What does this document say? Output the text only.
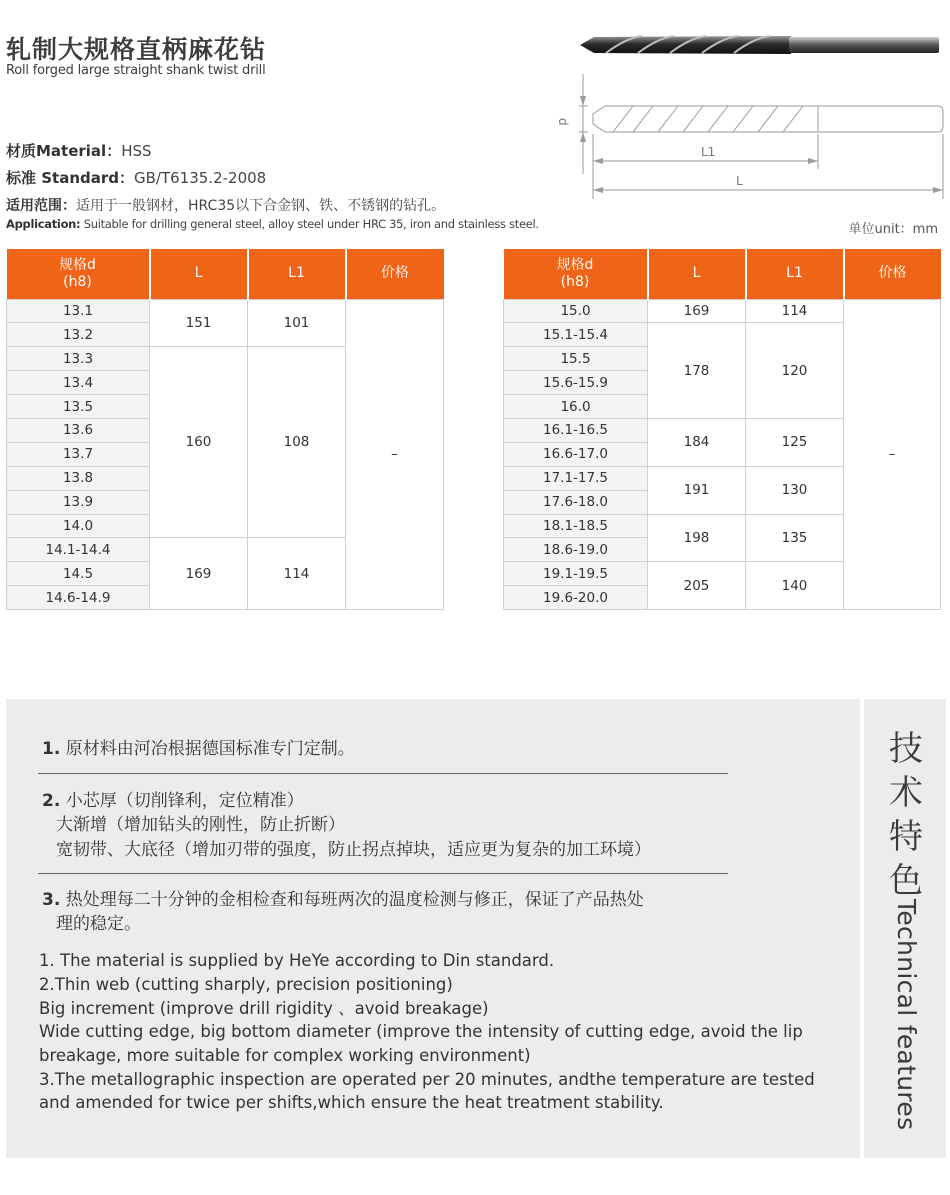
轧制大规格直柄麻花钻
Roll forged large straight shank twist drill
d
L1
L
材质Material：HSS
标准 Standard：GB/T6135.2-2008
适用范围：适用于一般钢材，HRC35以下合金钢、铁、不锈钢的钻孔。
Application: Suitable for drilling general steel, alloy steel under HRC 35, iron and stainless steel.	单位unit：mm
规格d
(h8)	L	L1	价格
13.1	151	101	–
13.2			
13.3	160	108	
13.4			
13.5			
13.6			
13.7			
13.8			
13.9			
14.0			
14.1-14.4	169	114	
14.5			
14.6-14.9			
规格d
(h8)	L	L1	价格
15.0	169	114	–
15.1-15.4	178	120	
15.5			
15.6-15.9			
16.0			
16.1-16.5	184	125	
16.6-17.0			
17.1-17.5	191	130	
17.6-18.0			
18.1-18.5	198	135	
18.6-19.0			
19.1-19.5	205	140	
19.6-20.0			
1. 原材料由河冶根据德国标准专门定制。
2. 小芯厚（切削锋利，定位精准）
大渐增（增加钻头的刚性，防止折断）
宽韧带、大底径（增加刃带的强度，防止拐点掉块，适应更为复杂的加工环境）
3. 热处理每二十分钟的金相检查和每班两次的温度检测与修正，保证了产品热处
理的稳定。
1. The material is supplied by HeYe according to Din standard.
2.Thin web (cutting sharply, precision positioning)
Big increment (improve drill rigidity 、avoid breakage)
Wide cutting edge, big bottom diameter (improve the intensity of cutting edge, avoid the lip
breakage, more suitable for complex working environment)
3.The metallographic inspection are operated per 20 minutes, andthe temperature are tested
and amended for twice per shifts,which ensure the heat treatment stability.
技术特色
Technical features
